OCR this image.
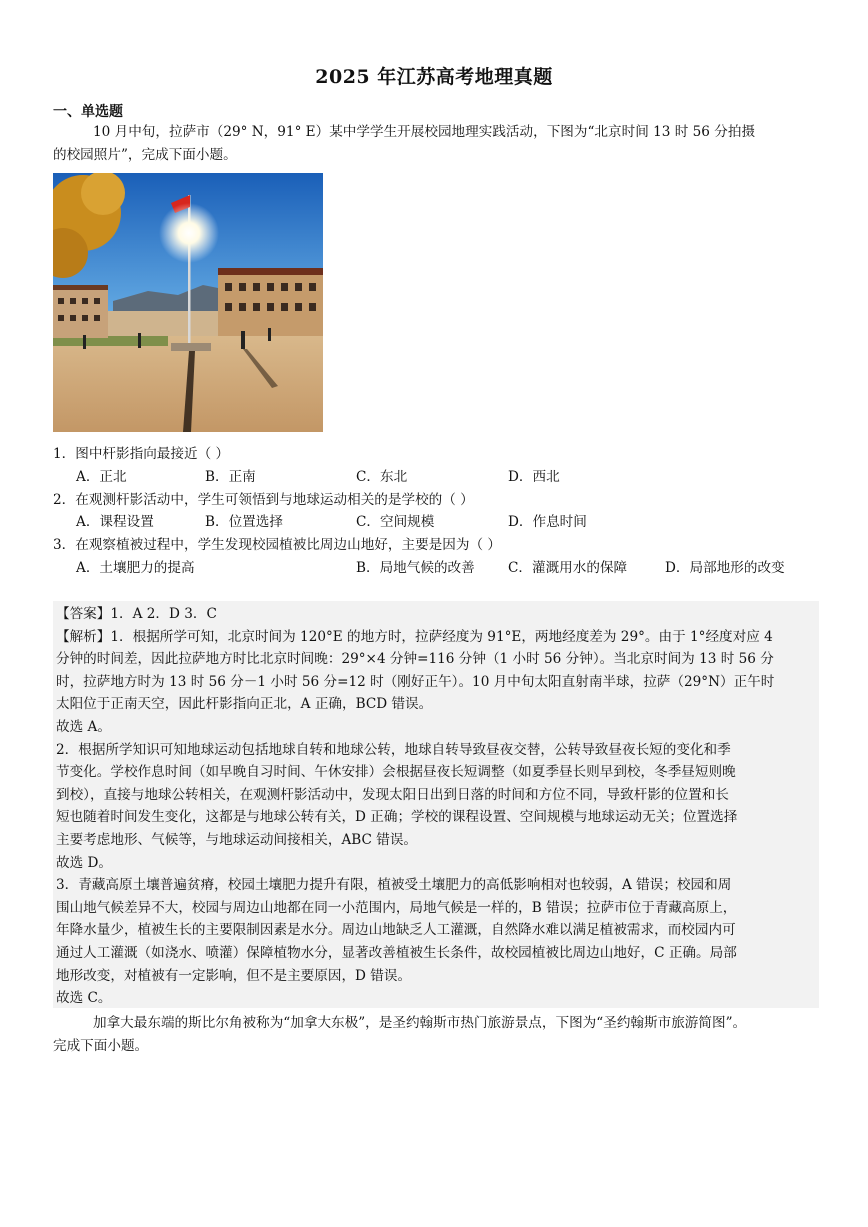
2025 年江苏高考地理真题
一、单选题
10 月中旬，拉萨市（29° N，91° E）某中学学生开展校园地理实践活动，下图为“北京时间 13 时 56 分拍摄
的校园照片”，完成下面小题。
1．图中杆影指向最接近（ ）
A．正北	B．正南	C．东北	D．西北
2．在观测杆影活动中，学生可领悟到与地球运动相关的是学校的（ ）
A．课程设置	B．位置选择	C．空间规模	D．作息时间
3．在观察植被过程中，学生发现校园植被比周边山地好，主要是因为（ ）
A．土壤肥力的提高	B．局地气候的改善 C．灌溉用水的保障	D．局部地形的改变
【答案】1．A 2．D 3．C
【解析】1．根据所学可知，北京时间为 120°E 的地方时，拉萨经度为 91°E，两地经度差为 29°。由于 1°经度对应 4
分钟的时间差，因此拉萨地方时比北京时间晚：29°×4 分钟=116 分钟（1 小时 56 分钟）。当北京时间为 13 时 56 分
时，拉萨地方时为 13 时 56 分－1 小时 56 分=12 时（刚好正午）。10 月中旬太阳直射南半球，拉萨（29°N）正午时
太阳位于正南天空，因此杆影指向正北，A 正确，BCD 错误。
故选 A。
2．根据所学知识可知地球运动包括地球自转和地球公转，地球自转导致昼夜交替，公转导致昼夜长短的变化和季
节变化。学校作息时间（如早晚自习时间、午休安排）会根据昼夜长短调整（如夏季昼长则早到校，冬季昼短则晚
到校），直接与地球公转相关，在观测杆影活动中，发现太阳日出到日落的时间和方位不同，导致杆影的位置和长
短也随着时间发生变化，这都是与地球公转有关，D 正确；学校的课程设置、空间规模与地球运动无关；位置选择
主要考虑地形、气候等，与地球运动间接相关，ABC 错误。
故选 D。
3．青藏高原土壤普遍贫瘠，校园土壤肥力提升有限，植被受土壤肥力的高低影响相对也较弱，A 错误；校园和周
围山地气候差异不大，校园与周边山地都在同一小范围内，局地气候是一样的，B 错误；拉萨市位于青藏高原上，
年降水量少，植被生长的主要限制因素是水分。周边山地缺乏人工灌溉，自然降水难以满足植被需求，而校园内可
通过人工灌溉（如浇水、喷灌）保障植物水分，显著改善植被生长条件，故校园植被比周边山地好，C 正确。局部
地形改变，对植被有一定影响，但不是主要原因，D 错误。
故选 C。
加拿大最东端的斯比尔角被称为“加拿大东极”，是圣约翰斯市热门旅游景点，下图为“圣约翰斯市旅游简图”。
完成下面小题。
